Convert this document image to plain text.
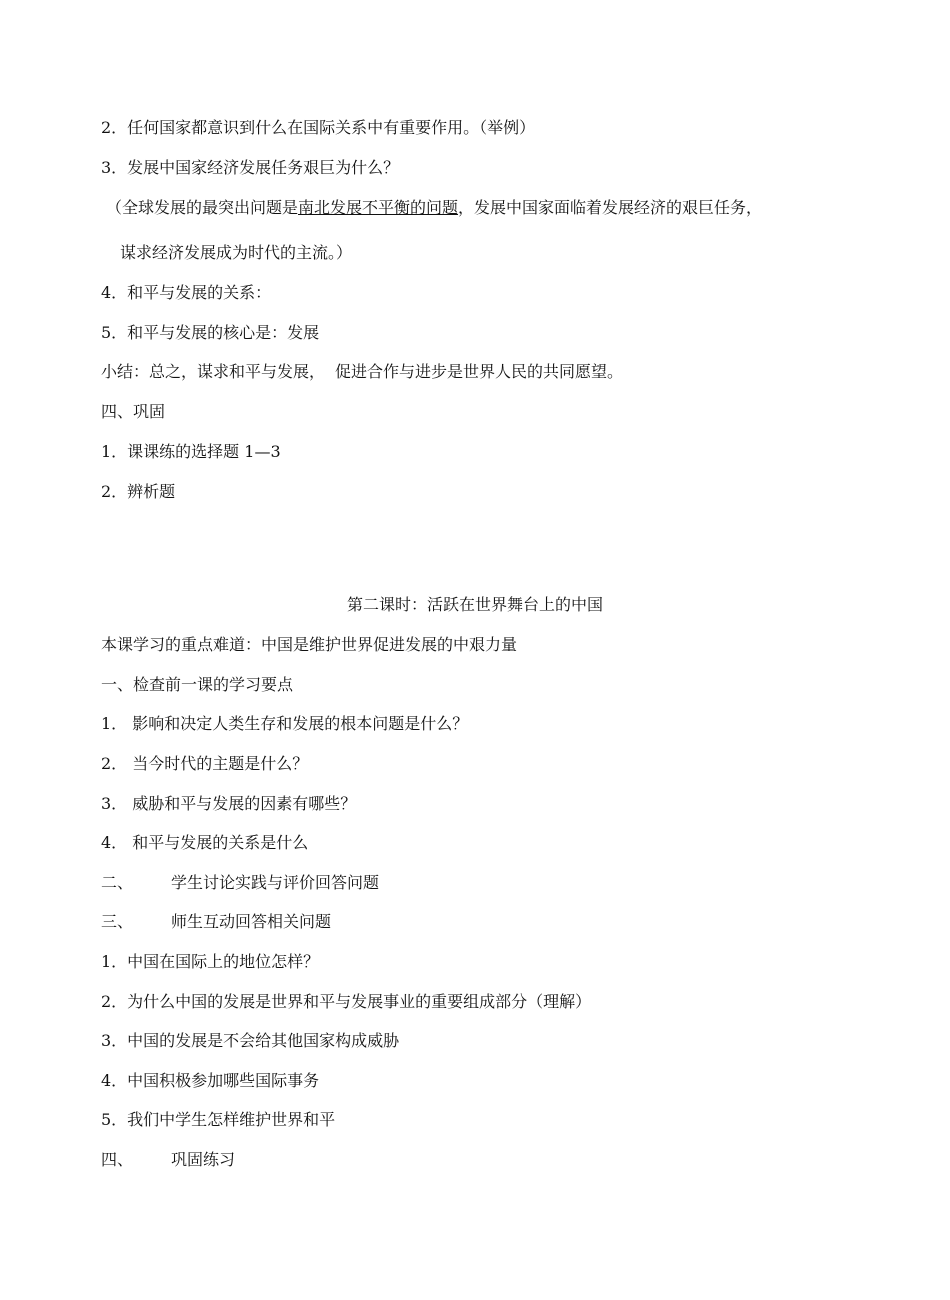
2．任何国家都意识到什么在国际关系中有重要作用。（举例）
3．发展中国家经济发展任务艰巨为什么？
（全球发展的最突出问题是南北发展不平衡的问题，发展中国家面临着发展经济的艰巨任务，
谋求经济发展成为时代的主流。）
4．和平与发展的关系：
5．和平与发展的核心是：发展
小结：总之，谋求和平与发展， 促进合作与进步是世界人民的共同愿望。
四、巩固
1．课课练的选择题 1—3
2．辨析题
第二课时：活跃在世界舞台上的中国
本课学习的重点难道：中国是维护世界促进发展的中艰力量
一、检查前一课的学习要点
1． 影响和决定人类生存和发展的根本问题是什么？
2． 当今时代的主题是什么？
3． 威胁和平与发展的因素有哪些？
4． 和平与发展的关系是什么
二、 学生讨论实践与评价回答问题
三、 师生互动回答相关问题
1．中国在国际上的地位怎样？
2．为什么中国的发展是世界和平与发展事业的重要组成部分（理解）
3．中国的发展是不会给其他国家构成威胁
4．中国积极参加哪些国际事务
5．我们中学生怎样维护世界和平
四、 巩固练习
